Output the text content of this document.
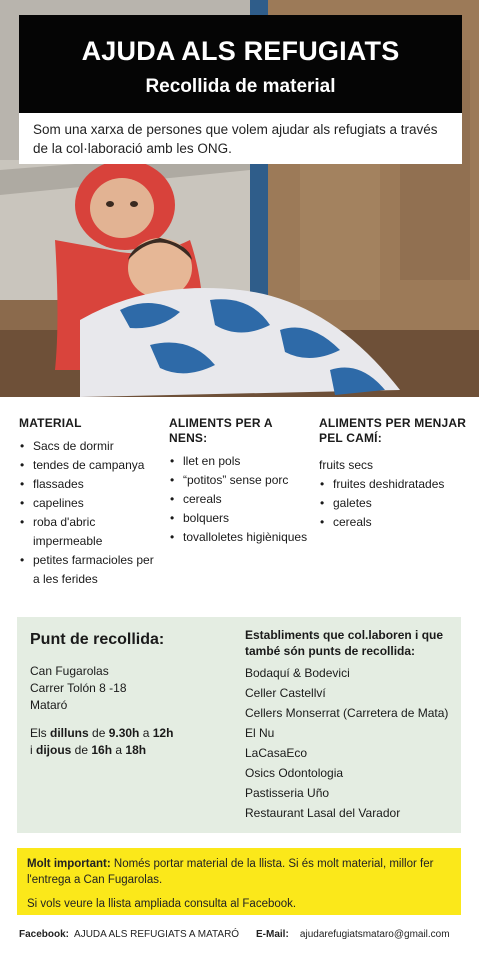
AJUDA ALS REFUGIATS
Recollida de material
Som una xarxa de persones que volem ajudar als refugiats a través de la col·laboració amb les ONG.
MATERIAL
• Sacs de dormir
• tendes de campanya
• flassades
• capelines
• roba d'abric impermeable
• petites farmacioles per a les ferides
ALIMENTS PER A NENS:
• llet en pols
• “potitos” sense porc
• cereals
• bolquers
• tovalloletes higièniques
ALIMENTS PER MENJAR PEL CAMÍ:
fruits secs
• fruites deshidratades
• galetes
• cereals
Punt de recollida:
Can Fugarolas
Carrer Tolón 8 -18
Mataró
Els dilluns de 9.30h a 12h
i dijous de 16h a 18h
Establiments que col.laboren i que també són punts de recollida:
Bodaquí & Bodevici
Celler Castellví
Cellers Monserrat (Carretera de Mata)
El Nu
LaCasaEco
Osics Odontologia
Pastisseria Uño
Restaurant Lasal del Varador

Molt important: Només portar material de la llista. Si és molt material, millor fer l'entrega a Can Fugarolas.

Si vols veure la llista ampliada consulta al Facebook.

Facebook: AJUDA ALS REFUGIATS A MATARÓ E-Mail: ajudarefugiatsmataro@gmail.com
